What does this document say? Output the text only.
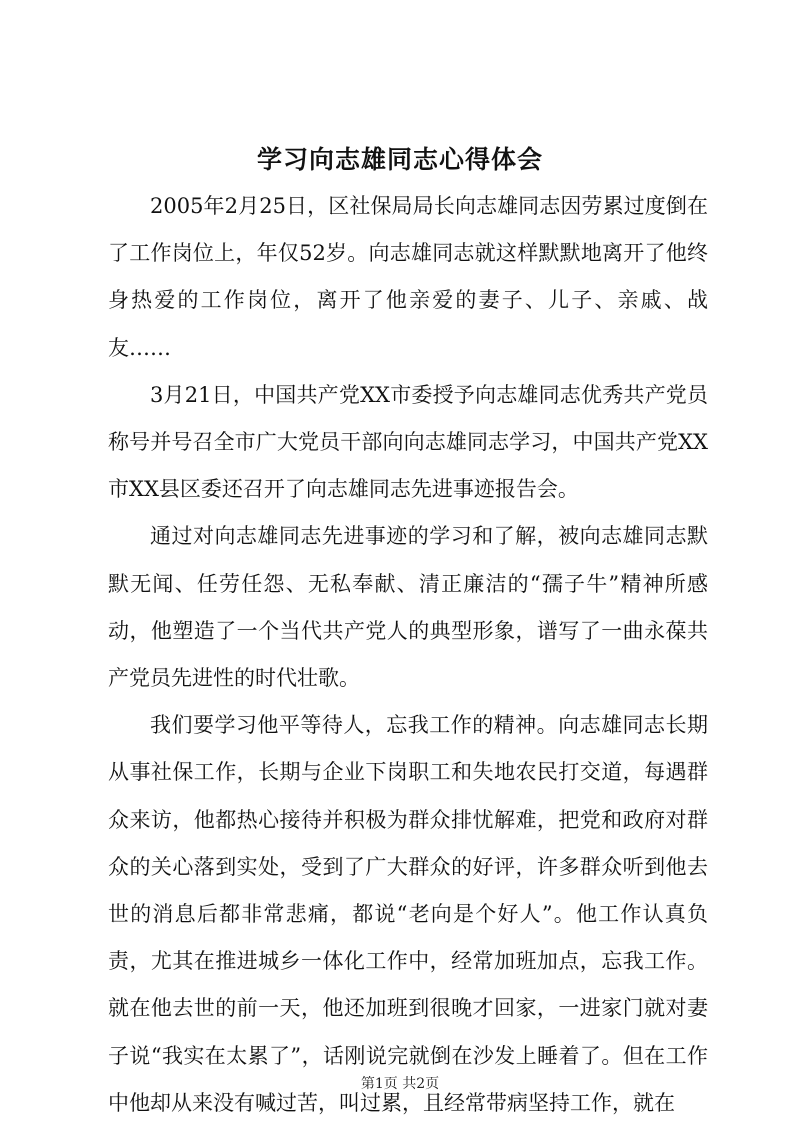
学习向志雄同志心得体会

2005年2月25日，区社保局局长向志雄同志因劳累过度倒在了工作岗位上，年仅52岁。向志雄同志就这样默默地离开了他终身热爱的工作岗位，离开了他亲爱的妻子、儿子、亲戚、战友……

3月21日，中国共产党XX市委授予向志雄同志优秀共产党员称号并号召全市广大党员干部向向志雄同志学习，中国共产党XX市XX县区委还召开了向志雄同志先进事迹报告会。

通过对向志雄同志先进事迹的学习和了解，被向志雄同志默默无闻、任劳任怨、无私奉献、清正廉洁的“孺子牛”精神所感动，他塑造了一个当代共产党人的典型形象，谱写了一曲永葆共产党员先进性的时代壮歌。

我们要学习他平等待人，忘我工作的精神。向志雄同志长期从事社保工作，长期与企业下岗职工和失地农民打交道，每遇群众来访，他都热心接待并积极为群众排忧解难，把党和政府对群众的关心落到实处，受到了广大群众的好评，许多群众听到他去世的消息后都非常悲痛，都说“老向是个好人”。他工作认真负责，尤其在推进城乡一体化工作中，经常加班加点，忘我工作。就在他去世的前一天，他还加班到很晚才回家，一进家门就对妻子说“我实在太累了”，话刚说完就倒在沙发上睡着了。但在工作中他却从来没有喊过苦，叫过累，且经常带病坚持工作，就在

第1页 共2页
